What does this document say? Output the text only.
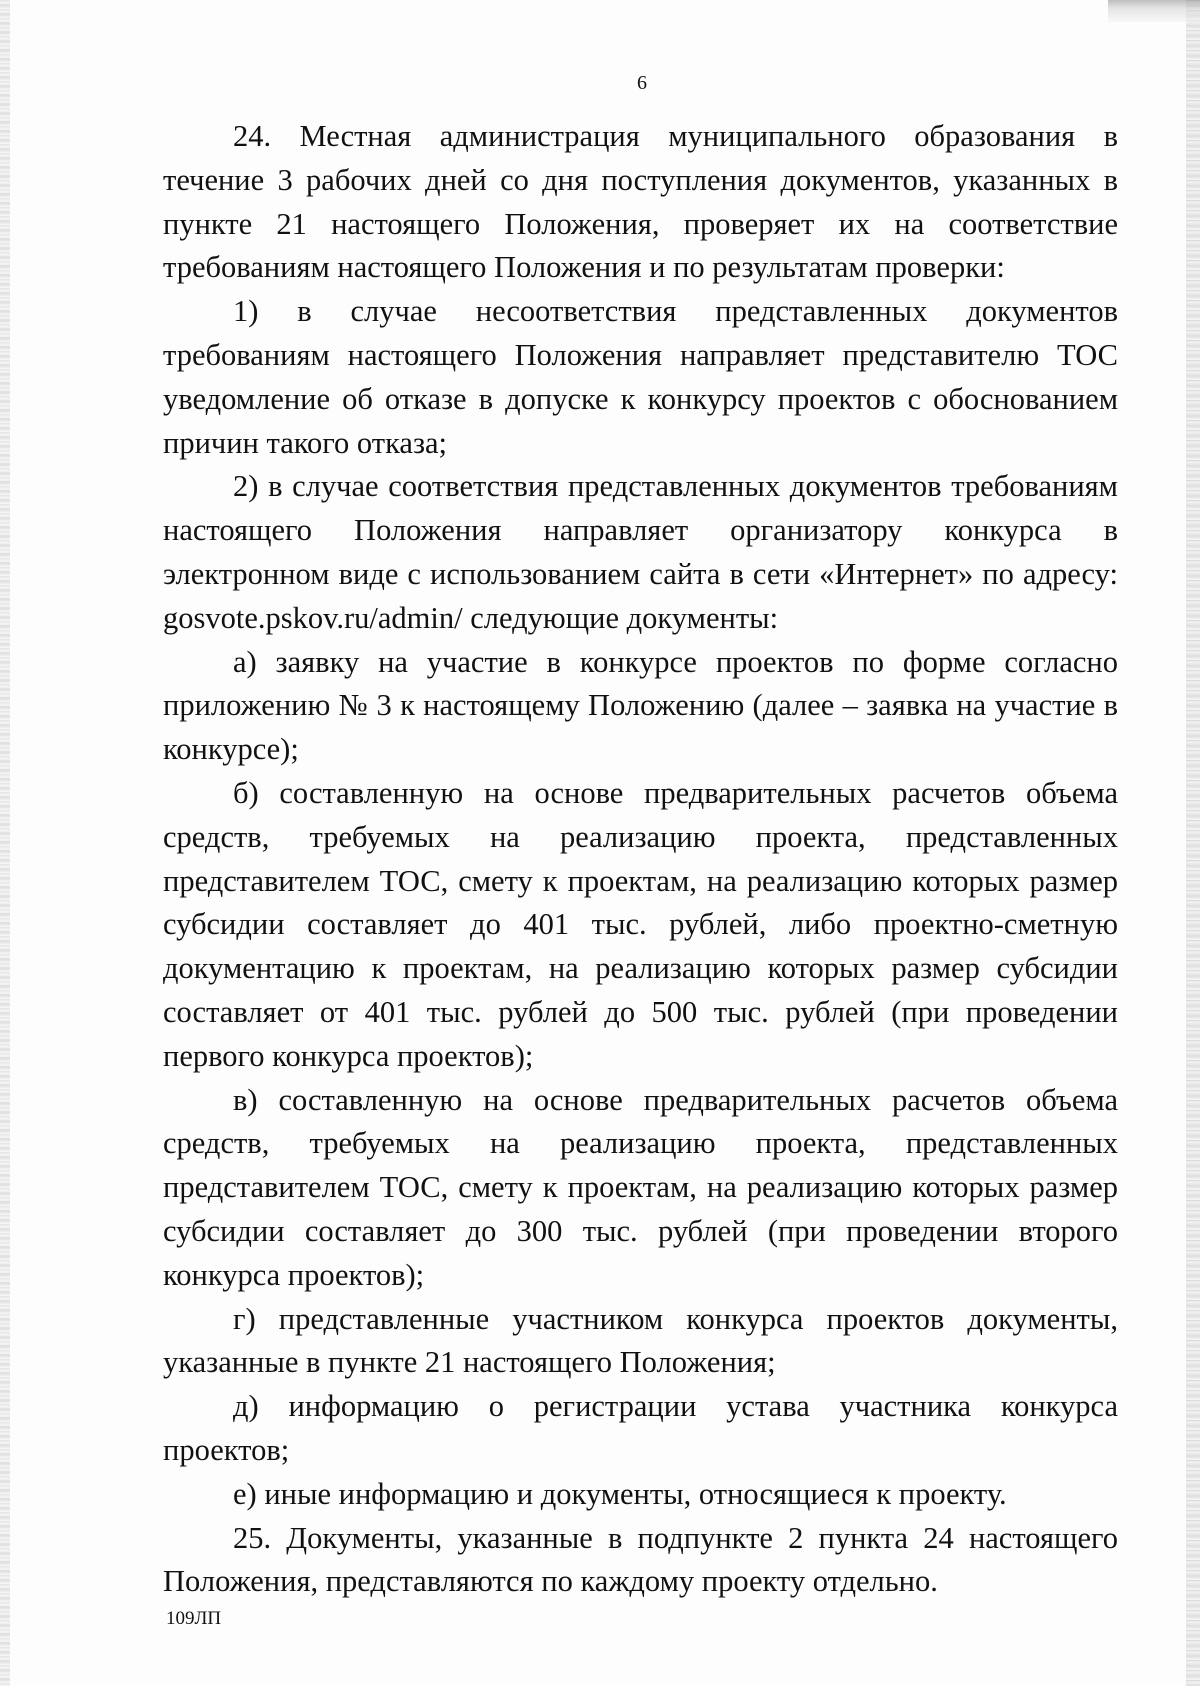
6

24. Местная администрация муниципального образования в течение 3 рабочих дней со дня поступления документов, указанных в пункте 21 настоящего Положения, проверяет их на соответствие требованиям настоящего Положения и по результатам проверки:

1) в случае несоответствия представленных документов требованиям настоящего Положения направляет представителю ТОС уведомление об отказе в допуске к конкурсу проектов с обоснованием причин такого отказа;

2) в случае соответствия представленных документов требованиям настоящего Положения направляет организатору конкурса в электронном виде с использованием сайта в сети «Интернет» по адресу: gosvote.pskov.ru/admin/ следующие документы:

а) заявку на участие в конкурсе проектов по форме согласно приложению № 3 к настоящему Положению (далее – заявка на участие в конкурсе);

б) составленную на основе предварительных расчетов объема средств, требуемых на реализацию проекта, представленных представителем ТОС, смету к проектам, на реализацию которых размер субсидии составляет до 401 тыс. рублей, либо проектно-сметную документацию к проектам, на реализацию которых размер субсидии составляет от 401 тыс. рублей до 500 тыс. рублей (при проведении первого конкурса проектов);

в) составленную на основе предварительных расчетов объема средств, требуемых на реализацию проекта, представленных представителем ТОС, смету к проектам, на реализацию которых размер субсидии составляет до 300 тыс. рублей (при проведении второго конкурса проектов);

г) представленные участником конкурса проектов документы, указанные в пункте 21 настоящего Положения;

д) информацию о регистрации устава участника конкурса проектов;

е) иные информацию и документы, относящиеся к проекту.

25. Документы, указанные в подпункте 2 пункта 24 настоящего Положения, представляются по каждому проекту отдельно.

109ЛП
